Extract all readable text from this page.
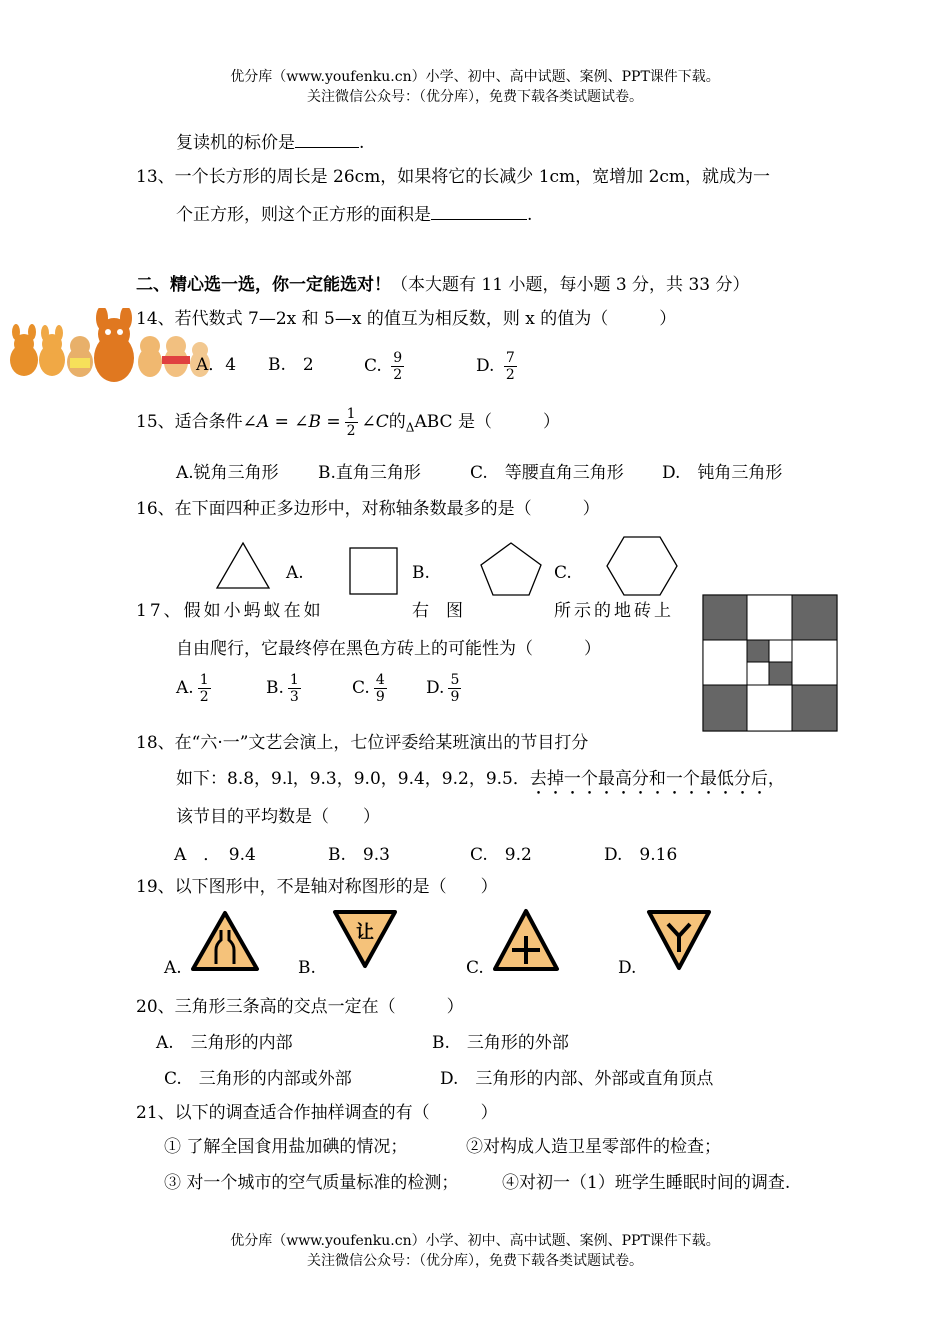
优分库（www.youfenku.cn）小学、初中、高中试题、案例、PPT课件下载。
关注微信公众号：（优分库），免费下载各类试题试卷。
复读机的标价是	.
13、一个长方形的周长是 26cm，如果将它的长减少 1cm，宽增加 2cm，就成为一
个正方形，则这个正方形的面积是	.
二、精心选一选，你一定能选对！（本大题有 11 小题，每小题 3 分，共 33 分）
14、若代数式 7—2x 和 5—x 的值互为相反数，则 x 的值为（　　　）
A．4 B.　2	C. $\frac{9}{2}$	D. $\frac{7}{2}$
15、适合条件∠A = ∠B = $\frac{1}{2}$ ∠C的$_\Delta$ABC 是（　　　）
A.锐角三角形 B.直角三角形	C.　等腰直角三角形 D.　钝角三角形
16、在下面四种正多边形中，对称轴条数最多的是（　　　）
A.	B.	C.
17、假如小蚂蚁在如	右　图	所示的地砖上
自由爬行，它最终停在黑色方砖上的可能性为（　　　）
A. $\frac{1}{2}$	B. $\frac{1}{3}$	C. $\frac{4}{9} D$. $\frac{5}{9}$
18、在“六·一”文艺会演上，七位评委给某班演出的节目打分
如下：8.8，9.l，9.3，9.0，9.4，9.2，9.5．去掉一个最高分和一个最低分后，
该节目的平均数是（　　）
A　．　9.4	B.　9.3	C.　9.2	D.　9.16
19、以下图形中，不是轴对称图形的是（　　）
A.	B.
让
C.	D.
20、三角形三条高的交点一定在（　　　）
A.　三角形的内部	B.　三角形的外部
C.　三角形的内部或外部	D.　三角形的内部、外部或直角顶点
21、以下的调查适合作抽样调查的有（　　　）
① 了解全国食用盐加碘的情况；	②对构成人造卫星零部件的检查；
③ 对一个城市的空气质量标准的检测；	④对初一（1）班学生睡眠时间的调查.
优分库（www.youfenku.cn）小学、初中、高中试题、案例、PPT课件下载。
关注微信公众号：（优分库），免费下载各类试题试卷。
